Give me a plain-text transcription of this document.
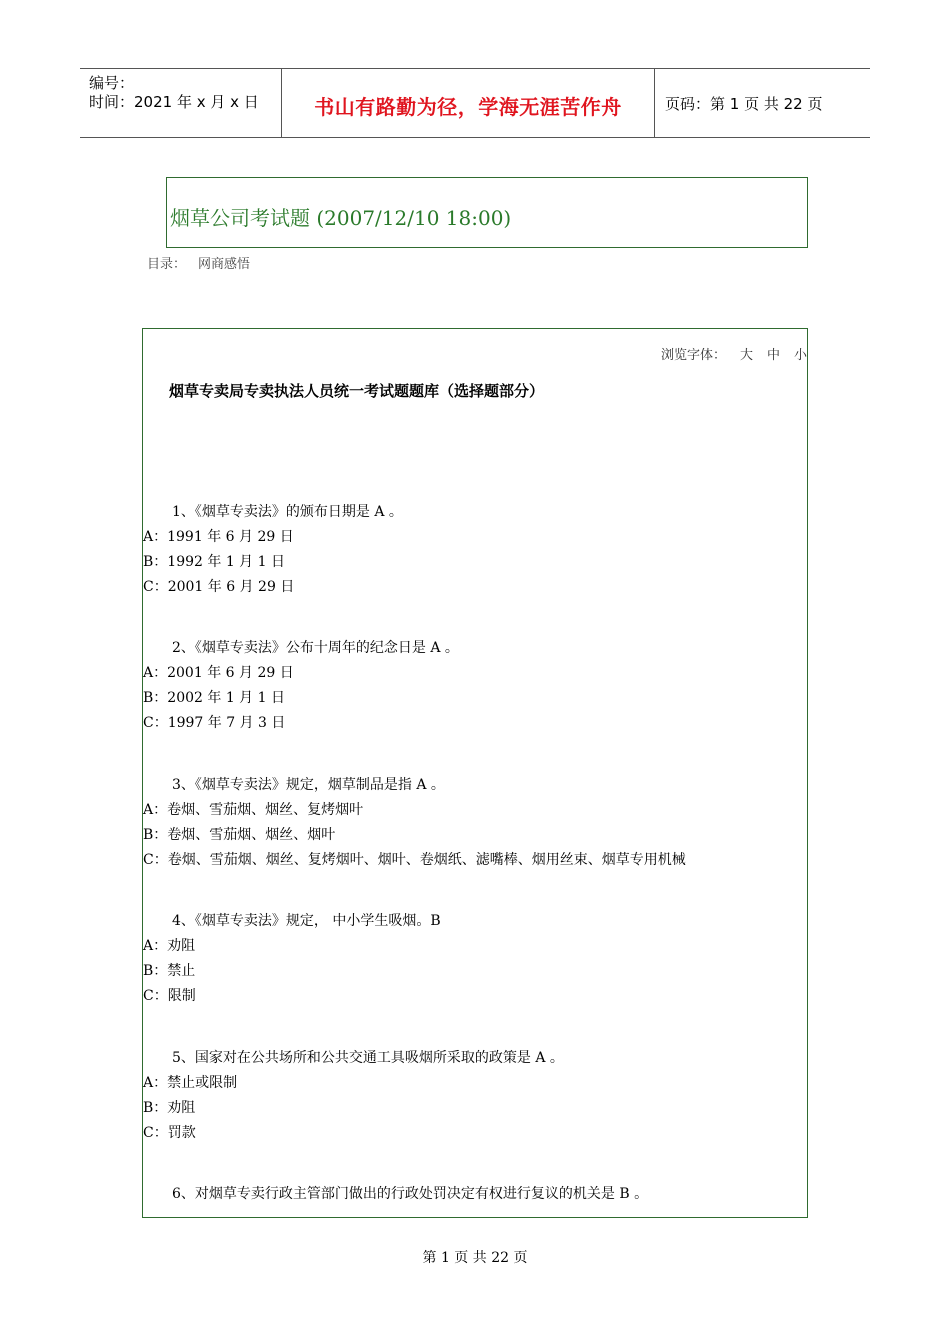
编号：
时间：2021 年 x 月 x 日	书山有路勤为径，学海无涯苦作舟	页码：第 1 页 共 22 页
烟草公司考试题 (2007/12/10 18:00)
目录： 网商感悟
浏览字体： 大 中 小
烟草专卖局专卖执法人员统一考试题题库（选择题部分）
1、《烟草专卖法》的颁布日期是 A 。
A：1991 年 6 月 29 日
B：1992 年 1 月 1 日
C：2001 年 6 月 29 日
2、《烟草专卖法》公布十周年的纪念日是 A 。
A：2001 年 6 月 29 日
B：2002 年 1 月 1 日
C：1997 年 7 月 3 日
3、《烟草专卖法》规定，烟草制品是指 A 。
A：卷烟、雪茄烟、烟丝、复烤烟叶
B：卷烟、雪茄烟、烟丝、烟叶
C：卷烟、雪茄烟、烟丝、复烤烟叶、烟叶、卷烟纸、滤嘴棒、烟用丝束、烟草专用机械
4、《烟草专卖法》规定， 中小学生吸烟。B
A：劝阻
B：禁止
C：限制
5、国家对在公共场所和公共交通工具吸烟所采取的政策是 A 。
A：禁止或限制
B：劝阻
C：罚款
6、对烟草专卖行政主管部门做出的行政处罚决定有权进行复议的机关是 B 。
第 1 页 共 22 页
